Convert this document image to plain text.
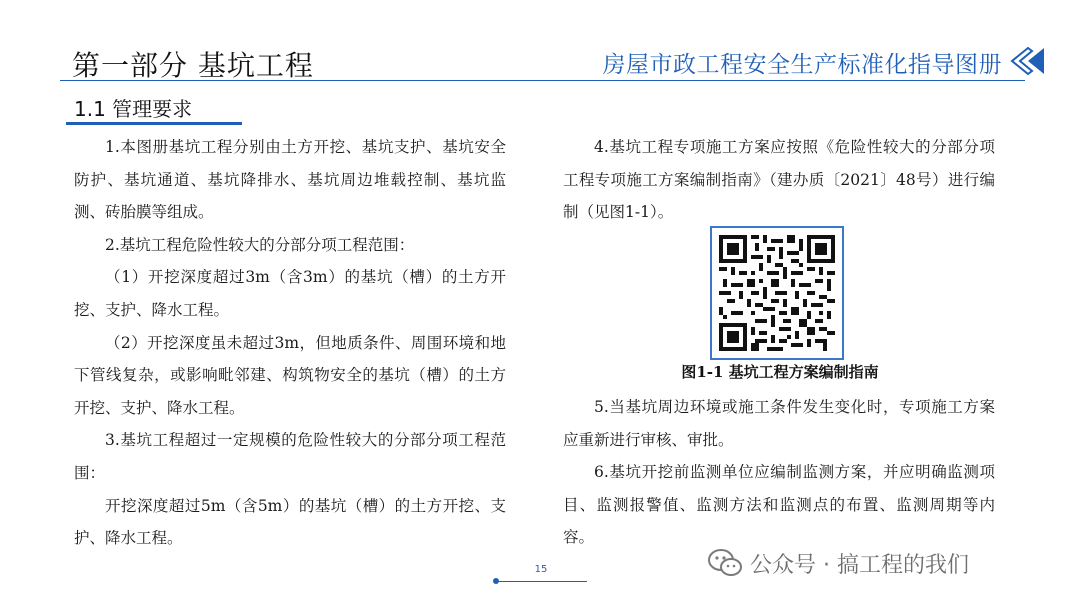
第一部分 基坑工程	房屋市政工程安全生产标准化指导图册
1.1 管理要求

1.本图册基坑工程分别由土方开挖、基坑支护、基坑安全防护、基坑通道、基坑降排水、基坑周边堆载控制、基坑监测、砖胎膜等组成。

2.基坑工程危险性较大的分部分项工程范围：

（1）开挖深度超过3m（含3m）的基坑（槽）的土方开挖、支护、降水工程。

（2）开挖深度虽未超过3m，但地质条件、周围环境和地下管线复杂，或影响毗邻建、构筑物安全的基坑（槽）的土方开挖、支护、降水工程。

3.基坑工程超过一定规模的危险性较大的分部分项工程范围：

开挖深度超过5m（含5m）的基坑（槽）的土方开挖、支护、降水工程。

4.基坑工程专项施工方案应按照《危险性较大的分部分项工程专项施工方案编制指南》（建办质〔2021〕48号）进行编制（见图1-1）。

图1-1 基坑工程方案编制指南

5.当基坑周边环境或施工条件发生变化时，专项施工方案应重新进行审核、审批。

6.基坑开挖前监测单位应编制监测方案，并应明确监测项目、监测报警值、监测方法和监测点的布置、监测周期等内容。

15	公众号 · 搞工程的我们
